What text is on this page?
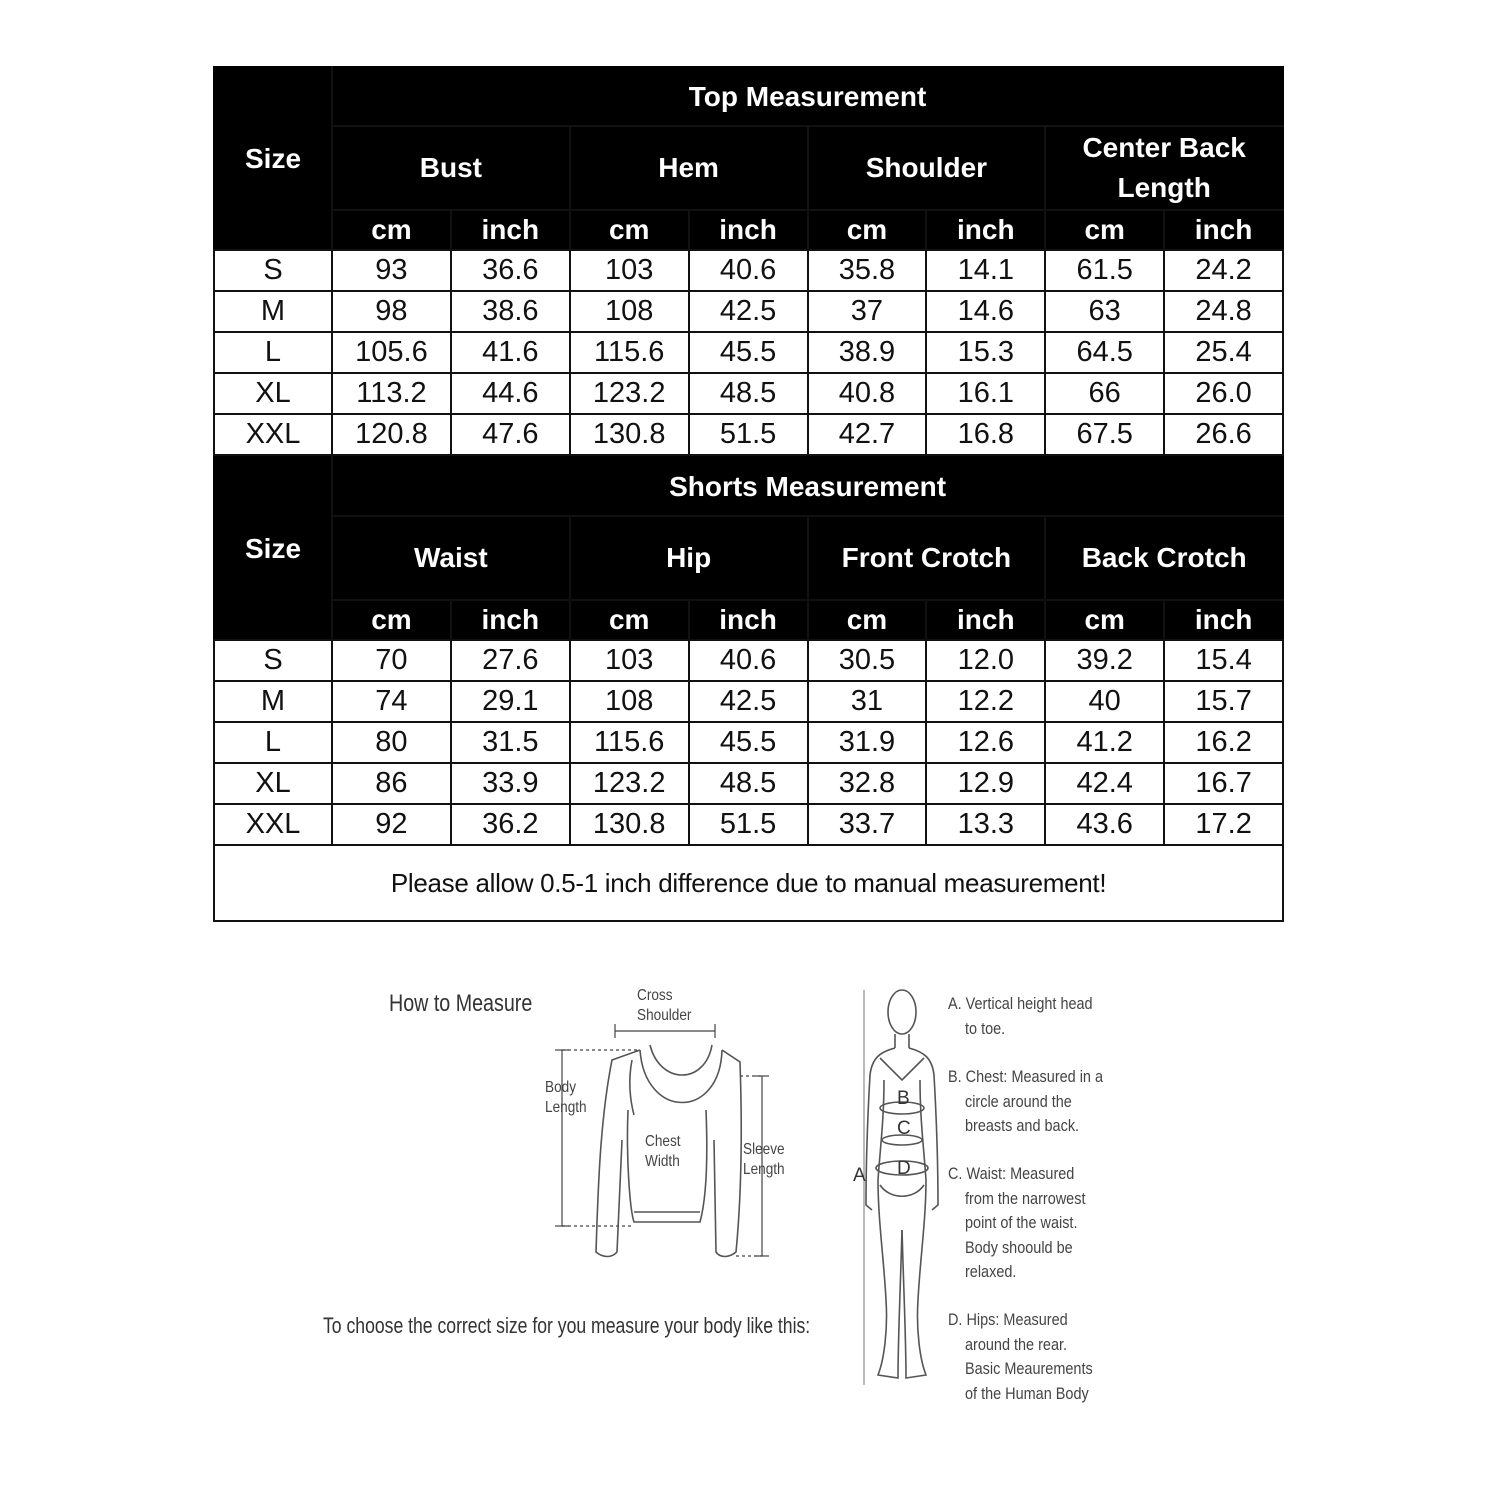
Size	Top Measurement							
	Bust		Hem		Shoulder		Center Back Length	
	cm	inch	cm	inch	cm	inch	cm	inch
S	93	36.6	103	40.6	35.8	14.1	61.5	24.2
M	98	38.6	108	42.5	37	14.6	63	24.8
L	105.6	41.6	115.6	45.5	38.9	15.3	64.5	25.4
XL	113.2	44.6	123.2	48.5	40.8	16.1	66	26.0
XXL	120.8	47.6	130.8	51.5	42.7	16.8	67.5	26.6
Size	Shorts Measurement							
	Waist		Hip		Front Crotch		Back Crotch	
	cm	inch	cm	inch	cm	inch	cm	inch
S	70	27.6	103	40.6	30.5	12.0	39.2	15.4
M	74	29.1	108	42.5	31	12.2	40	15.7
L	80	31.5	115.6	45.5	31.9	12.6	41.2	16.2
XL	86	33.9	123.2	48.5	32.8	12.9	42.4	16.7
XXL	92	36.2	130.8	51.5	33.7	13.3	43.6	17.2
Please allow 0.5-1 inch difference due to manual measurement!								
How to Measure
B
C
D
A
Cross
Shoulder
Body
Length
Chest
Width
Sleeve
Length
A. Vertical height head
to toe.
B. Chest: Measured in a
circle around the
breasts and back.
C. Waist: Measured
from the narrowest
point of the waist.
Body shoould be
relaxed.
D. Hips: Measured
around the rear.
Basic Meaurements
of the Human Body
To choose the correct size for you measure your body like this:
